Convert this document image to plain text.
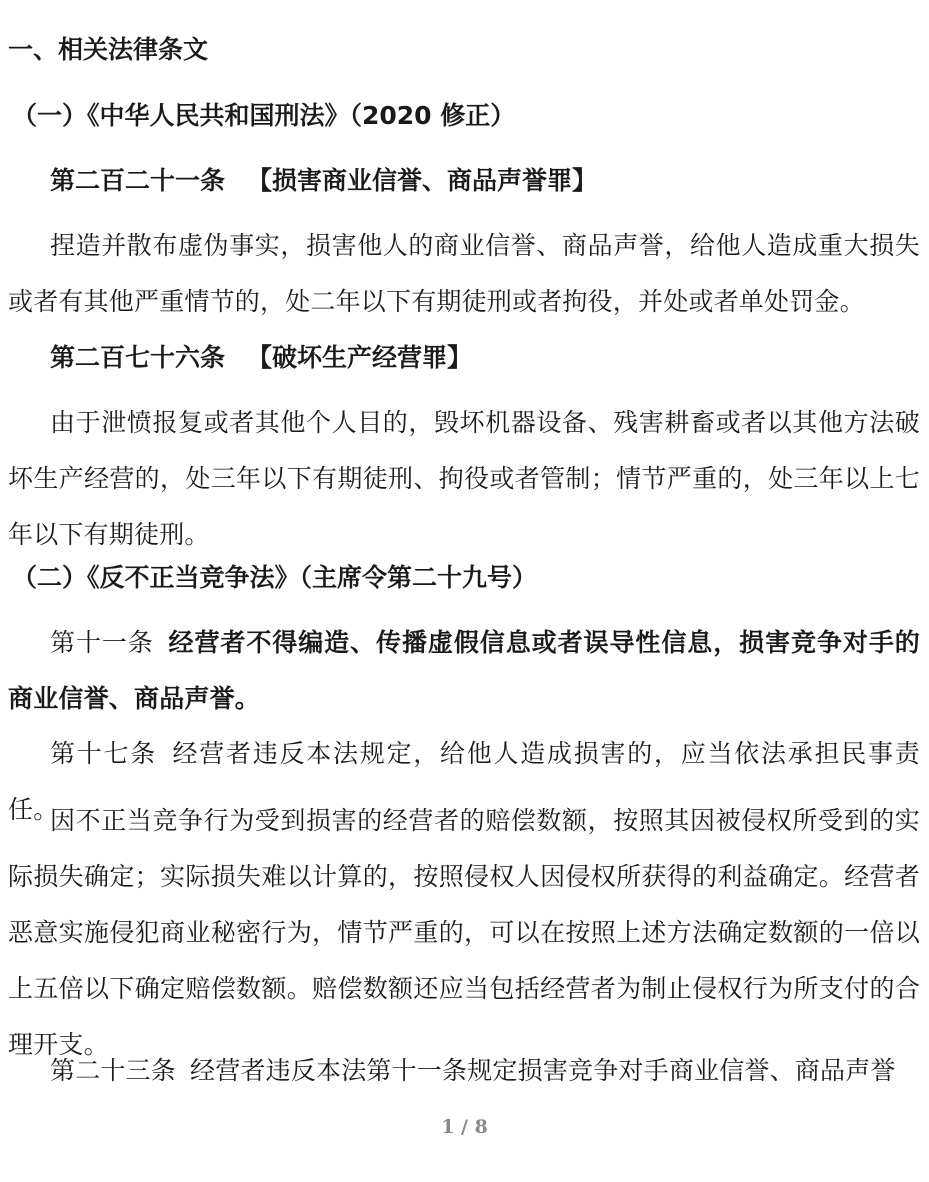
一、相关法律条文
（一）《中华人民共和国刑法》（2020 修正）
第二百二十一条 【损害商业信誉、商品声誉罪】
捏造并散布虚伪事实，损害他人的商业信誉、商品声誉，给他人造成重大损失或者有其他严重情节的，处二年以下有期徒刑或者拘役，并处或者单处罚金。
第二百七十六条 【破坏生产经营罪】
由于泄愤报复或者其他个人目的，毁坏机器设备、残害耕畜或者以其他方法破坏生产经营的，处三年以下有期徒刑、拘役或者管制；情节严重的，处三年以上七年以下有期徒刑。
（二）《反不正当竞争法》（主席令第二十九号）
第十一条 经营者不得编造、传播虚假信息或者误导性信息，损害竞争对手的商业信誉、商品声誉。
第十七条 经营者违反本法规定，给他人造成损害的，应当依法承担民事责任。
因不正当竞争行为受到损害的经营者的赔偿数额，按照其因被侵权所受到的实际损失确定；实际损失难以计算的，按照侵权人因侵权所获得的利益确定。经营者恶意实施侵犯商业秘密行为，情节严重的，可以在按照上述方法确定数额的一倍以上五倍以下确定赔偿数额。赔偿数额还应当包括经营者为制止侵权行为所支付的合理开支。
第二十三条 经营者违反本法第十一条规定损害竞争对手商业信誉、商品声誉
1 / 8
